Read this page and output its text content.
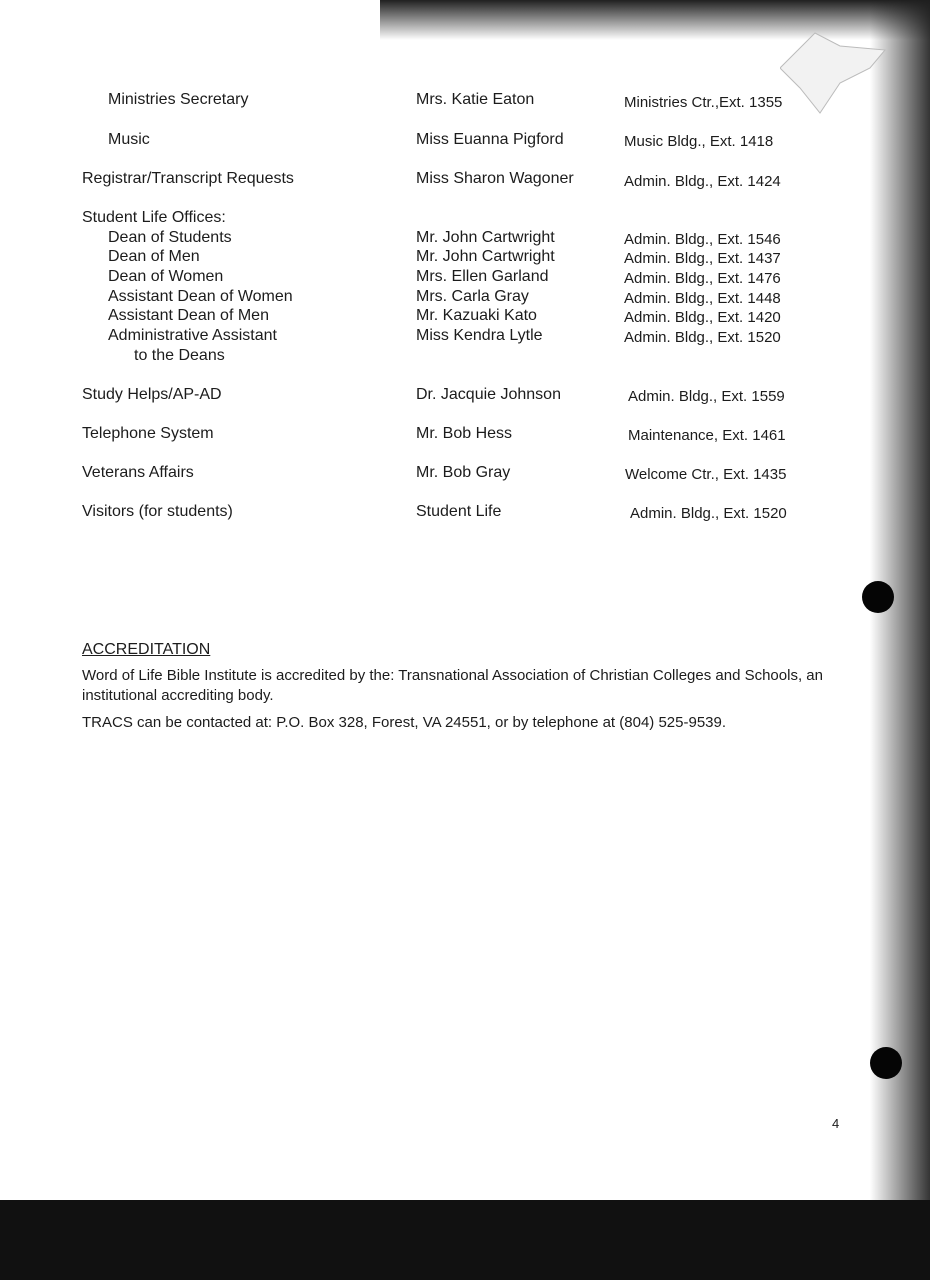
Ministries Secretary	Mrs. Katie Eaton	Ministries Ctr.,Ext. 1355
Music	Miss Euanna Pigford	Music Bldg., Ext. 1418
Registrar/Transcript Requests	Miss Sharon Wagoner	Admin. Bldg., Ext. 1424
Student Life Offices:
Dean of Students	Mr. John Cartwright	Admin. Bldg., Ext. 1546
Dean of Men	Mr. John Cartwright	Admin. Bldg., Ext. 1437
Dean of Women	Mrs. Ellen Garland	Admin. Bldg., Ext. 1476
Assistant Dean of Women	Mrs. Carla Gray	Admin. Bldg., Ext. 1448
Assistant Dean of Men	Mr. Kazuaki Kato	Admin. Bldg., Ext. 1420
Administrative Assistant	Miss Kendra Lytle	Admin. Bldg., Ext. 1520
to the Deans
Study Helps/AP-AD	Dr. Jacquie Johnson	Admin. Bldg., Ext. 1559
Telephone System	Mr. Bob Hess	Maintenance, Ext. 1461
Veterans Affairs	Mr. Bob Gray	Welcome Ctr., Ext. 1435
Visitors (for students)	Student Life	Admin. Bldg., Ext. 1520
ACCREDITATION
Word of Life Bible Institute is accredited by the: Transnational Association of Christian Colleges and Schools, an institutional accrediting body.
TRACS can be contacted at: P.O. Box 328, Forest, VA 24551, or by telephone at (804) 525-9539.
4
